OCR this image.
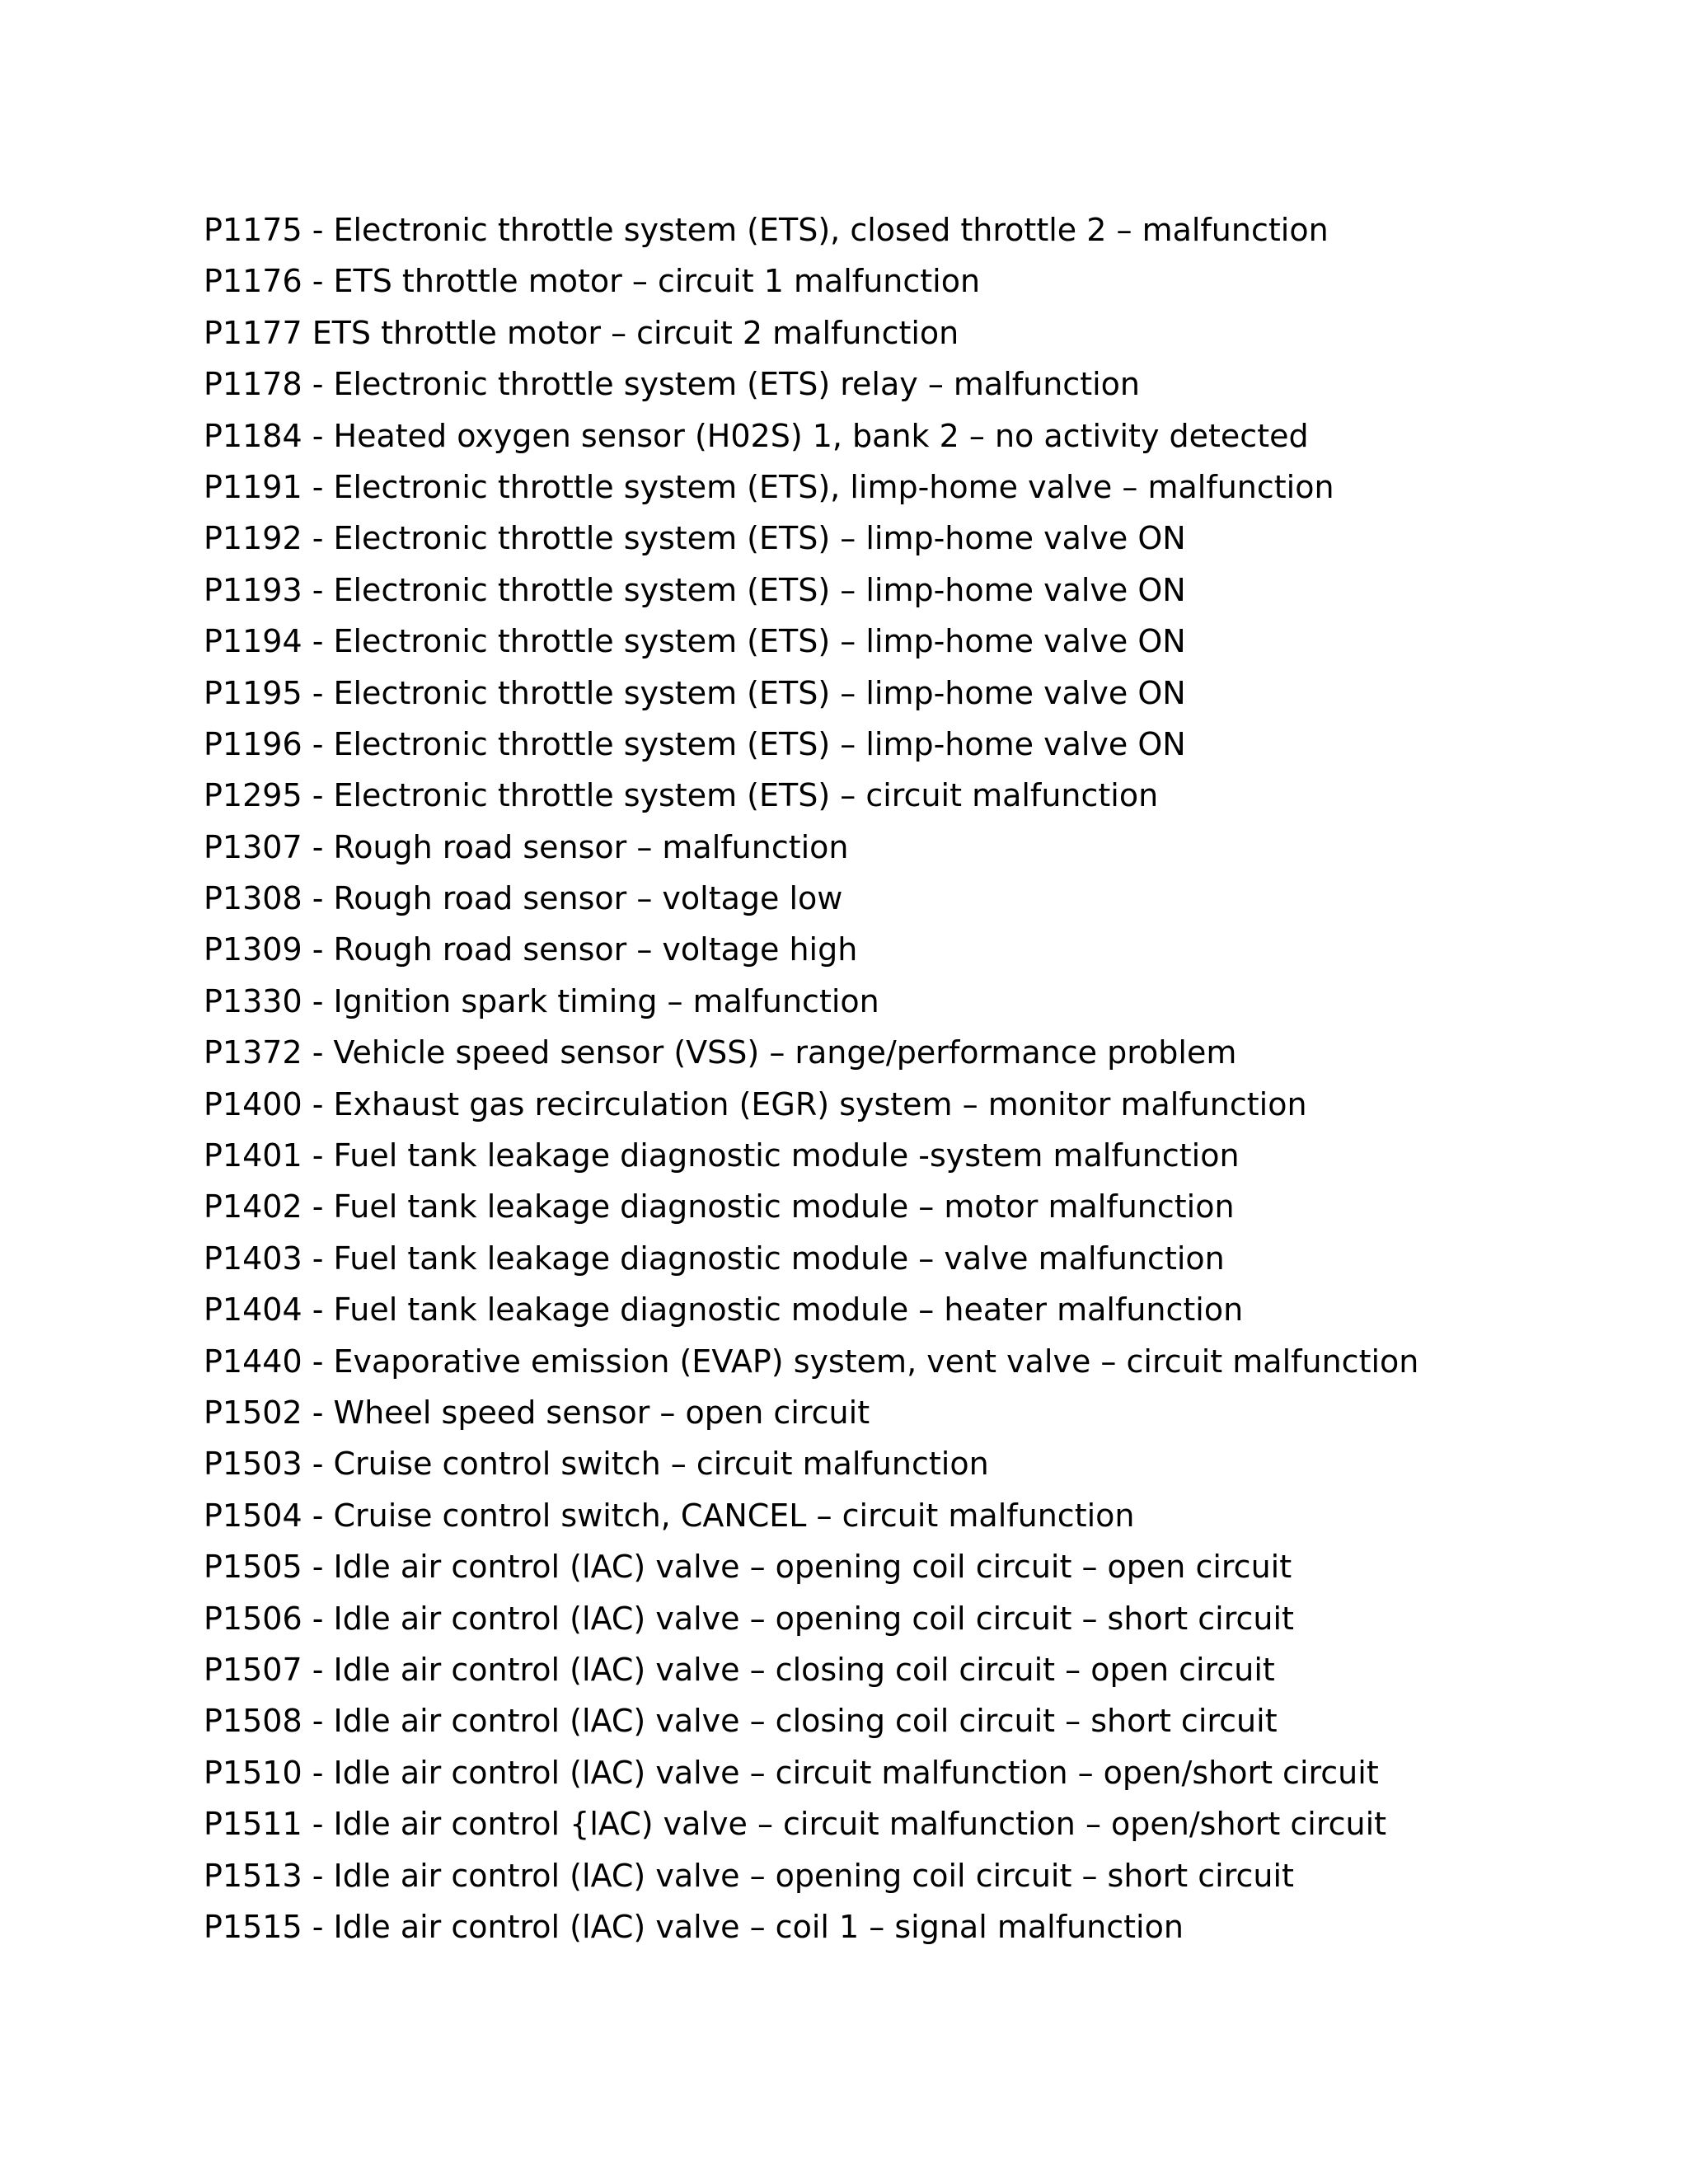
P1175 - Electronic throttle system (ETS), closed throttle 2 – malfunction
P1176 - ETS throttle motor – circuit 1 malfunction
P1177 ETS throttle motor – circuit 2 malfunction
P1178 - Electronic throttle system (ETS) relay – malfunction
P1184 - Heated oxygen sensor (H02S) 1, bank 2 – no activity detected
P1191 - Electronic throttle system (ETS), limp-home valve – malfunction
P1192 - Electronic throttle system (ETS) – limp-home valve ON
P1193 - Electronic throttle system (ETS) – limp-home valve ON
P1194 - Electronic throttle system (ETS) – limp-home valve ON
P1195 - Electronic throttle system (ETS) – limp-home valve ON
P1196 - Electronic throttle system (ETS) – limp-home valve ON
P1295 - Electronic throttle system (ETS) – circuit malfunction
P1307 - Rough road sensor – malfunction
P1308 - Rough road sensor – voltage low
P1309 - Rough road sensor – voltage high
P1330 - Ignition spark timing – malfunction
P1372 - Vehicle speed sensor (VSS) – range/performance problem
P1400 - Exhaust gas recirculation (EGR) system – monitor malfunction
P1401 - Fuel tank leakage diagnostic module -system malfunction
P1402 - Fuel tank leakage diagnostic module – motor malfunction
P1403 - Fuel tank leakage diagnostic module – valve malfunction
P1404 - Fuel tank leakage diagnostic module – heater malfunction
P1440 - Evaporative emission (EVAP) system, vent valve – circuit malfunction
P1502 - Wheel speed sensor – open circuit
P1503 - Cruise control switch – circuit malfunction
P1504 - Cruise control switch, CANCEL – circuit malfunction
P1505 - Idle air control (lAC) valve – opening coil circuit – open circuit
P1506 - Idle air control (lAC) valve – opening coil circuit – short circuit
P1507 - Idle air control (lAC) valve – closing coil circuit – open circuit
P1508 - Idle air control (lAC) valve – closing coil circuit – short circuit
P1510 - Idle air control (lAC) valve – circuit malfunction – open/short circuit
P1511 - Idle air control {lAC) valve – circuit malfunction – open/short circuit
P1513 - Idle air control (lAC) valve – opening coil circuit – short circuit
P1515 - Idle air control (lAC) valve – coil 1 – signal malfunction
